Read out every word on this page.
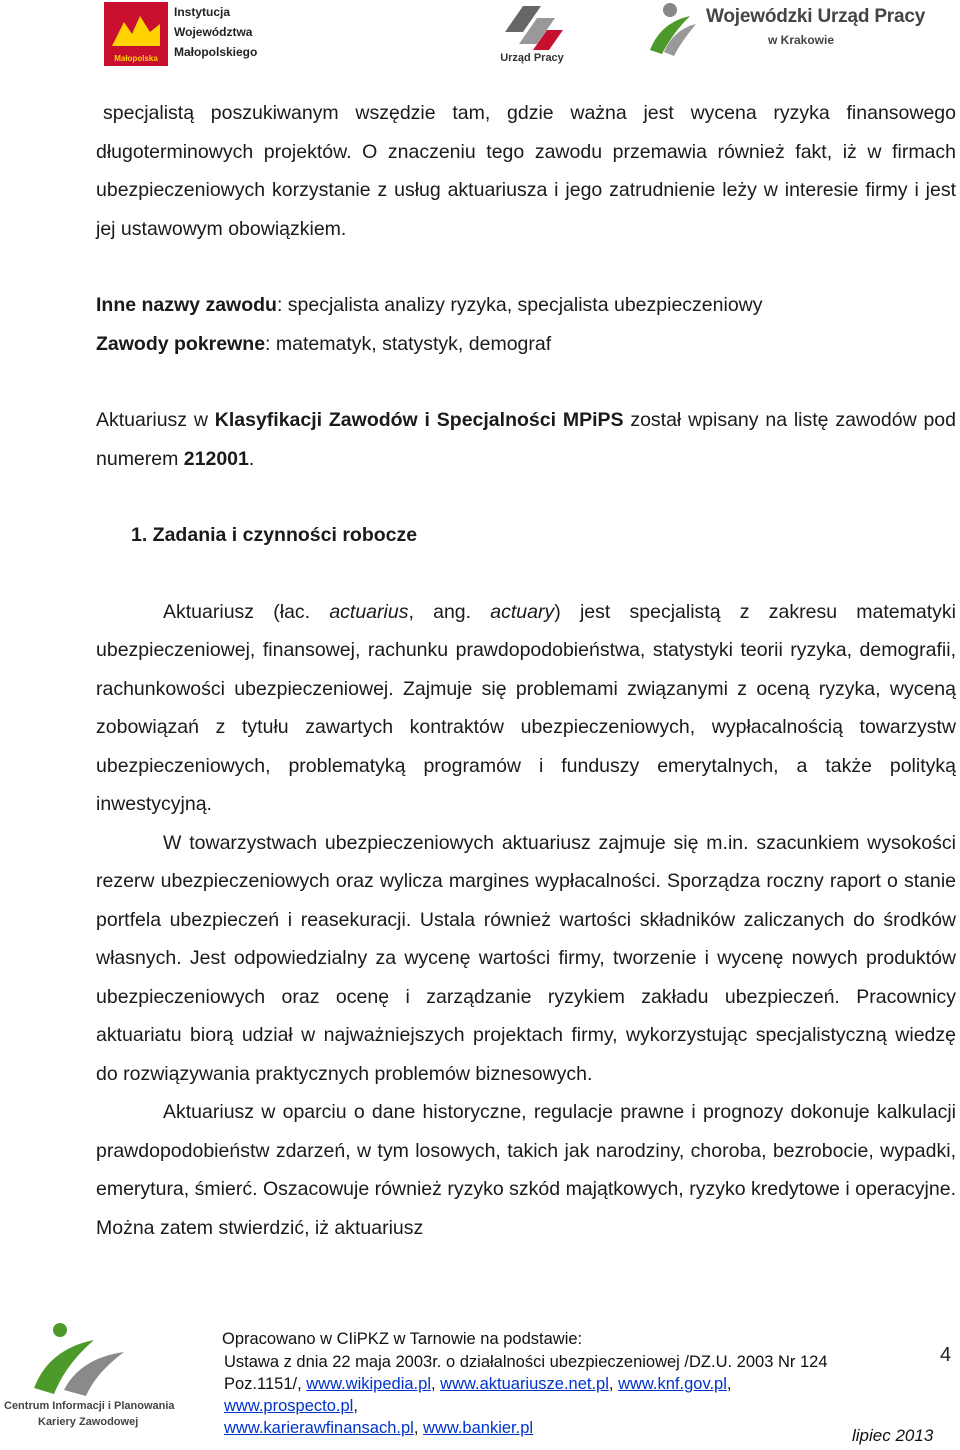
Małopolska
Instytucja
Województwa
Małopolskiego	Urząd Pracy
Wojewódzki Urząd Pracy
w Krakowie

specjalistą poszukiwanym wszędzie tam, gdzie ważna jest wycena ryzyka finansowego długoterminowych projektów. O znaczeniu tego zawodu przemawia również fakt, iż w firmach ubezpieczeniowych korzystanie z usług aktuariusza i jego zatrudnienie leży w interesie firmy i jest jej ustawowym obowiązkiem.

Inne nazwy zawodu: specjalista analizy ryzyka, specjalista ubezpieczeniowy

Zawody pokrewne: matematyk, statystyk, demograf

Aktuariusz w Klasyfikacji Zawodów i Specjalności MPiPS został wpisany na listę zawodów pod numerem 212001.

1. Zadania i czynności robocze

Aktuariusz (łac. actuarius, ang. actuary) jest specjalistą z zakresu matematyki ubezpieczeniowej, finansowej, rachunku prawdopodobieństwa, statystyki teorii ryzyka, demografii, rachunkowości ubezpieczeniowej. Zajmuje się problemami związanymi z oceną ryzyka, wyceną zobowiązań z tytułu zawartych kontraktów ubezpieczeniowych, wypłacalnością towarzystw ubezpieczeniowych, problematyką programów i funduszy emerytalnych, a także polityką inwestycyjną.

W towarzystwach ubezpieczeniowych aktuariusz zajmuje się m.in. szacunkiem wysokości rezerw ubezpieczeniowych oraz wylicza margines wypłacalności. Sporządza roczny raport o stanie portfela ubezpieczeń i reasekuracji. Ustala również wartości składników zaliczanych do środków własnych. Jest odpowiedzialny za wycenę wartości firmy, tworzenie i wycenę nowych produktów ubezpieczeniowych oraz ocenę i zarządzanie ryzykiem zakładu ubezpieczeń. Pracownicy aktuariatu biorą udział w najważniejszych projektach firmy, wykorzystując specjalistyczną wiedzę do rozwiązywania praktycznych problemów biznesowych.

Aktuariusz w oparciu o dane historyczne, regulacje prawne i prognozy dokonuje kalkulacji prawdopodobieństw zdarzeń, w tym losowych, takich jak narodziny, choroba, bezrobocie, wypadki, emerytura, śmierć. Oszacowuje również ryzyko szkód majątkowych, ryzyko kredytowe i operacyjne. Można zatem stwierdzić, iż aktuariusz

Centrum Informacji i Planowania
Kariery Zawodowej
Opracowano w CIiPKZ w Tarnowie na podstawie:
Ustawa z dnia 22 maja 2003r. o działalności ubezpieczeniowej /DZ.U. 2003 Nr 124
Poz.1151/, www.wikipedia.pl, www.aktuariusze.net.pl, www.knf.gov.pl,
www.prospecto.pl,
www.karierawfinansach.pl, www.bankier.pl
4
lipiec 2013
